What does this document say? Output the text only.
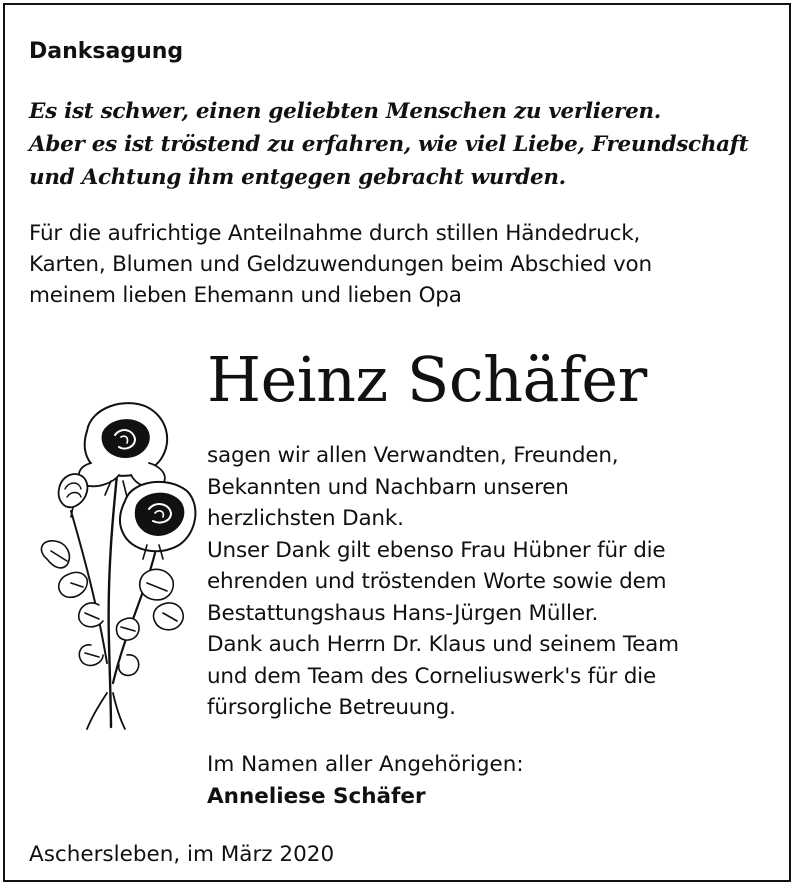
Danksagung
Es ist schwer, einen geliebten Menschen zu verlieren.
Aber es ist tröstend zu erfahren, wie viel Liebe, Freundschaft
und Achtung ihm entgegen gebracht wurden.
Für die aufrichtige Anteilnahme durch stillen Händedruck,
Karten, Blumen und Geldzuwendungen beim Abschied von
meinem lieben Ehemann und lieben Opa
Heinz Schäfer
sagen wir allen Verwandten, Freunden,
Bekannten und Nachbarn unseren
herzlichsten Dank.
Unser Dank gilt ebenso Frau Hübner für die
ehrenden und tröstenden Worte sowie dem
Bestattungshaus Hans-Jürgen Müller.
Dank auch Herrn Dr. Klaus und seinem Team
und dem Team des Corneliuswerk's für die
fürsorgliche Betreuung.
Im Namen aller Angehörigen:
Anneliese Schäfer
Aschersleben, im März 2020
